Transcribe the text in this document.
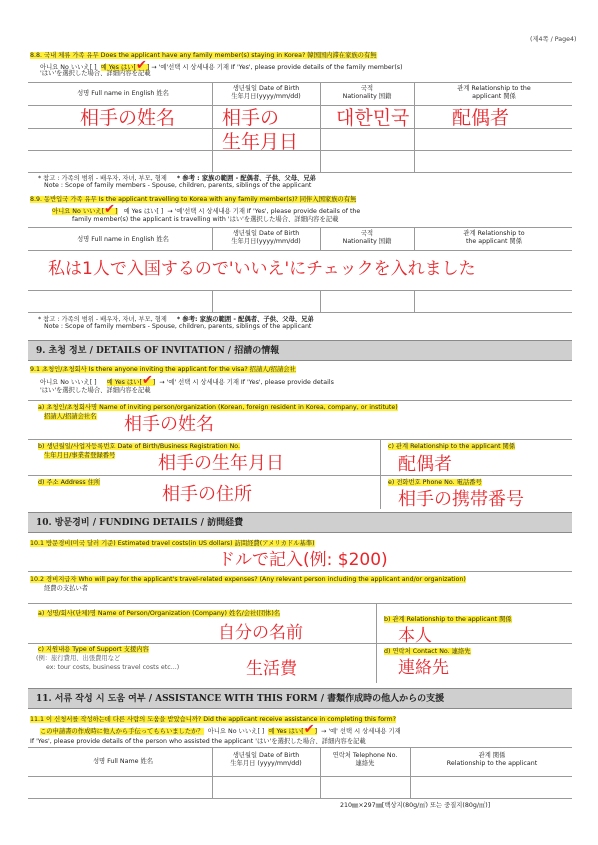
(제4쪽 / Page4)
8.8. 국내 체류 가족 유무 Does the applicant have any family member(s) staying in Korea? 韓国国内滞在家族の有無
아니요 No いいえ[ ] 예 Yes はい[✔] → '예'선택 시 상세내용 기재 If 'Yes', please provide details of the family member(s)
'はい'を選択した場合、詳細内容を記載
성명 Full name in English 姓名
생년월일 Date of Birth
生年月日(yyyy/mm/dd)
국적
Nationality 国籍
관계 Relationship to the
applicant 関係
相手の姓名 相手の
生年月日
대한민국 配偶者
* 참고 : 가족의 범위 - 배우자, 자녀, 부모, 형제 * 参考 : 家族の範囲 - 配偶者、子供、父母、兄弟
Note : Scope of family members - Spouse, children, parents, siblings of the applicant
8.9. 동반입국 가족 유무 Is the applicant travelling to Korea with any family member(s)? 同伴入国家族の有無
아니요 No いいえ[✔] 예 Yes はい[ ] → '예'선택 시 상세내용 기재 If 'Yes', please provide details of the
family member(s) the applicant is travelling with 'はい'を選択した場合、詳細内容を記載
성명 Full name in English 姓名
생년월일 Date of Birth
生年月日(yyyy/mm/dd)
국적
Nationality 国籍
관계 Relationship to
the applicant 関係
私は1人で入国するので'いいえ'にチェックを入れました
* 참고 : 가족의 범위 - 배우자, 자녀, 부모, 형제 * 参考: 家族の範囲 - 配偶者、子供、父母、兄弟
Note : Scope of family members - Spouse, children, parents, siblings of the applicant
9. 초청 정보 / DETAILS OF INVITATION / 招請の情報
9.1 초청인/초청회사 Is there anyone inviting the applicant for the visa? 招請人/招請会社
아니요 No いいえ[ ] 예 Yes はい[✔] → '예' 선택 시 상세내용 기재 If 'Yes', please provide details
'はい'を選択した場合、詳細内容を記載
a) 초청인/초청회사명 Name of inviting person/organization (Korean, foreign resident in Korea, company, or institute)
招請人/招請会社名 相手の姓名
b) 생년월일/사업자등록번호 Date of Birth/Business Registration No.
生年月日/事業者登録番号 相手の生年月日
c) 관계 Relationship to the applicant 関係
配偶者
d) 주소 Address 住所
相手の住所
e) 전화번호 Phone No. 電話番号
相手の携帯番号
10. 방문경비 / FUNDING DETAILS / 訪問経費
10.1 방문경비(미국 달러 기준) Estimated travel costs(in US dollars) 訪問経費(アメリカドル基準)
ドルで記入(例: $200)
10.2 경비지급자 Who will pay for the applicant's travel-related expenses? (Any relevant person including the applicant and/or organization)
経費の支払い者
a) 성명/회사(단체)명 Name of Person/Organization (Company) 姓名/会社(団体)名
自分の名前
b) 관계 Relationship to the applicant 関係
本人
c) 지원내용 Type of Support 支援内容
(例：旅行費用、出張費用など
ex: tour costs, business travel costs etc...)	生活費
d) 연락처 Contact No. 連絡先
連絡先
11. 서류 작성 시 도움 여부 / ASSISTANCE WITH THIS FORM / 書類作成時の他人からの支援
11.1 이 신청서를 작성하는데 다른 사람의 도움을 받았습니까? Did the applicant receive assistance in completing this form?
この申請書の作成時に他人から手伝ってもらいましたか？ 아니요 No いいえ[ ] 예 Yes はい[✔] → '예' 선택 시 상세내용 기재
If 'Yes', please provide details of the person who assisted the applicant 'はい'を選択した場合、詳細内容を記載
성명 Full Name 姓名
생년월일 Date of Birth
生年月日 (yyyy/mm/dd)
연락처 Telephone No.
連絡先
관계 関係
Relationship to the applicant
210㎜×297㎜[백상지(80g/㎡) 또는 중질지(80g/㎡)]
